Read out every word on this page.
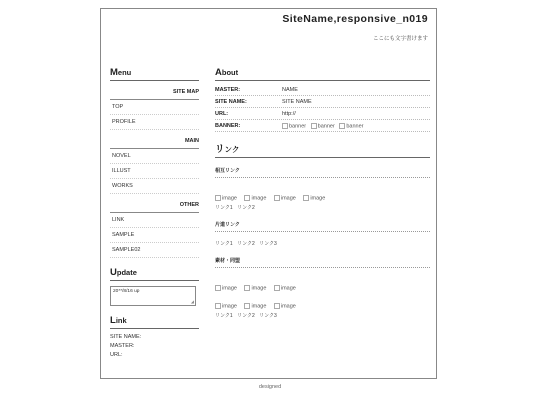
SiteName,responsive_n019
ここにも文字書けます
Menu
SITE MAP
TOP
PROFILE
MAIN
NOVEL
ILLUST
WORKS
OTHER
LINK
SAMPLE
SAMPLE02
Update
20**/8/16 up
◢
Link
SITE NAME:
MASTER:
URL:
About
MASTER:	NAME
SITE NAME:	SITE NAME
URL:	http://
BANNER:	banner banner banner
リンク
相互リンク
image	image	image	image
リンク1 リンク2
片道リンク
リンク1 リンク2 リンク3
素材・同盟
image	image	image
image	image	image
リンク1 リンク2 リンク3
designed
